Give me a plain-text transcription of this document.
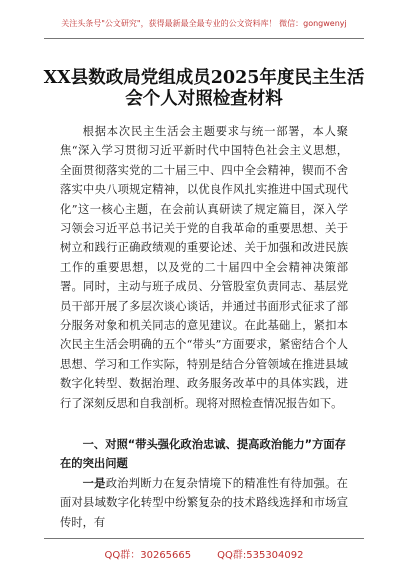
关注头条号"公文研究"，获得最新最全最专业的公文资料库！ 微信：gongwenyj
XX县数政局党组成员2025年度民主生活
会个人对照检查材料

根据本次民主生活会主题要求与统一部署，本人聚焦“深入学习贯彻习近平新时代中国特色社会主义思想，全面贯彻落实党的二十届三中、四中全会精神，锲而不舍落实中央八项规定精神，以优良作风扎实推进中国式现代化”这一核心主题，在会前认真研读了规定篇目，深入学习领会习近平总书记关于党的自我革命的重要思想、关于树立和践行正确政绩观的重要论述、关于加强和改进民族工作的重要思想，以及党的二十届四中全会精神决策部署。同时，主动与班子成员、分管股室负责同志、基层党员干部开展了多层次谈心谈话，并通过书面形式征求了部分服务对象和机关同志的意见建议。在此基础上，紧扣本次民主生活会明确的五个“带头”方面要求，紧密结合个人思想、学习和工作实际，特别是结合分管领域在推进县域数字化转型、数据治理、政务服务改革中的具体实践，进行了深刻反思和自我剖析。现将对照检查情况报告如下。

一、对照“带头强化政治忠诚、提高政治能力”方面存在的突出问题

一是政治判断力在复杂情境下的精准性有待加强。在面对县域数字化转型中纷繁复杂的技术路线选择和市场宣传时，有

QQ群：30265665	QQ群:535304092
